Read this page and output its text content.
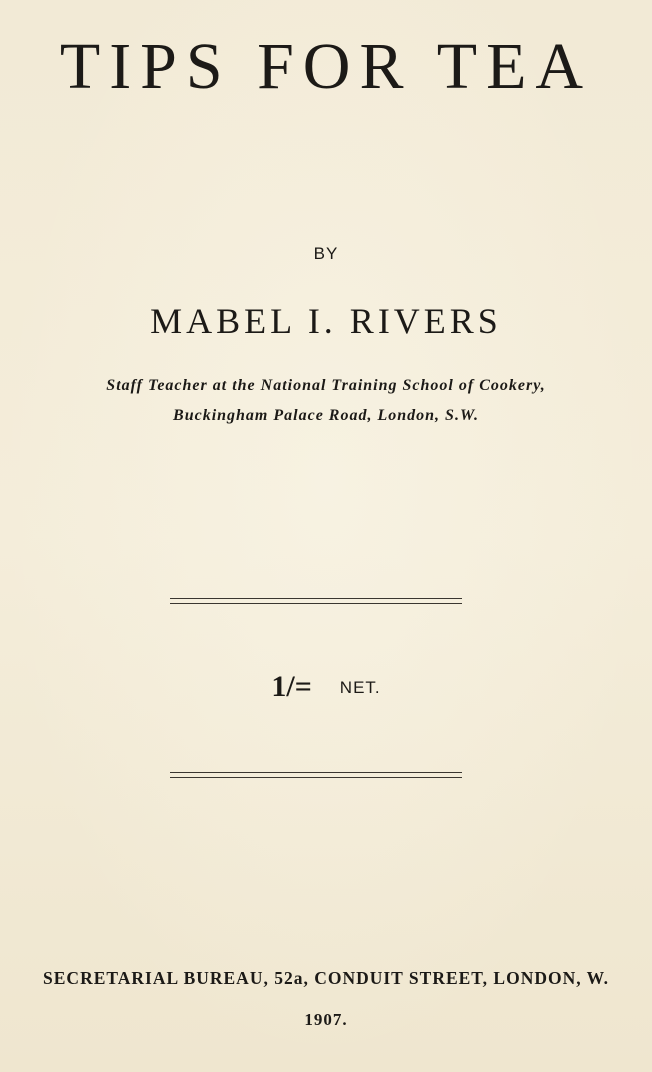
TIPS FOR TEA
BY
MABEL I. RIVERS
Staff Teacher at the National Training School of Cookery,
Buckingham Palace Road, London, S.W.
1/= NET.
SECRETARIAL BUREAU, 52a, CONDUIT STREET, LONDON, W.
1907.
